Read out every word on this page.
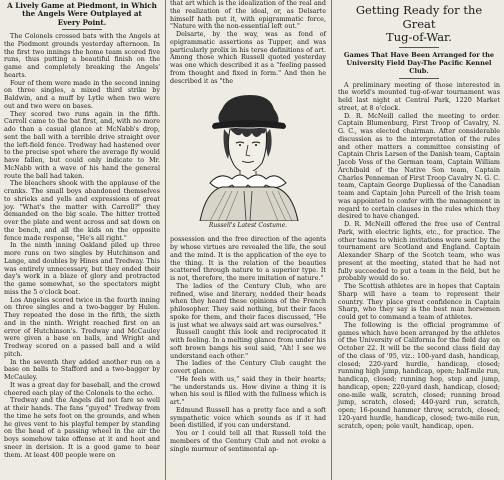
A Lively Game at Piedmont, in Which
the Angels Were Outplayed at
Every Point.

The Colonels crossed bats with the Angels at the Piedmont grounds yesterday afternoon. In the first two innings the home team scored five runs, thus putting a beautiful finish on the game and completely breaking the Angels' hearts.

Four of them were made in the second inning on three singles, a mixed third strike by Baldwin, and a muff by Lytle when two were out and two were on bases.

They scored two runs again in the fifth. Carroll came to the bat first, and, with no more ado than a casual glance at McNabb's drop, sent the ball with a terrible drive straight over the left-field fence. Tredway had hastened over to the precise spot where the average fly would have fallen, but could only indicate to Mr. McNabb with a wave of his hand the general route the ball had taken.

The bleachers shook with the applause of the cranks. The small boys abandoned themselves to shrieks and yells and expressions of great joy. "What's the matter with Carroll?" they demanded on the big scale. The hitter trotted over the plate and went across and sat down on the bench, and all the kids on the opposite fence made response, "He's all right."

In the ninth inning Oakland piled up three more runs on two singles by Hutchinson and Lange, and doubles by Hines and Tredway. This was entirely unnecessary, but they ended their day's work in a blaze of glory and protracted the game somewhat, so the spectators might miss the 5 o'clock boat.

Los Angeles scored twice in the fourth inning on three singles and a two-bagger by Hulen. They repeated the dose in the fifth, the sixth and in the ninth. Wright reached first on an error of Hutchinson's. Tredway and McCauley were given a base on balls, and Wright and Tredway scored on a passed ball and a wild pitch.

In the seventh they added another run on a base on balls to Stafford and a two-bagger by McCauley.

It was a great day for baseball, and the crowd cheered each play of the Colonels to the echo.

Tredway and the Angels did not fare so well at their hands. The fans "guyed" Tredway from the time he sets foot on the grounds, and when he gives vent to his playful temper by standing on the head of a passing wheel in the air the boys somehow take offense at it and hoot and sneer in derision. It is a good game to hear them. At least 400 people were on

that art which is the idealization of the real and the realization of the ideal, or, as Delsarte himself hath put it, with epigrammatic force, "Nature with the non-essential left out."

Delsarte, by the way, was as fond of epigrammatic assertions as Tupper, and was particularly prolix in his terse definitions of art. Among those which Russell quoted yesterday was one which described it as a "feeling passed from thought and fixed in form." And then he described it as "the

Russell's Latest Costume.

possession and the free direction of the agents by whose virtues are revealed the life, the soul and the mind. It is the application of the eye to the thing. It is the relation of the beauties scattered through nature to a superior type. It is not, therefore, the mere imitation of nature."

The ladies of the Century Club, who are refined, wise and literary, nodded their heads when they heard these opinions of the French philosopher. They said nothing, but their faces spoke for them, and their faces discussed, "He is just what we always said art was ourselves."

Russell caught this look and reciprocated it with feeling. In a melting glance from under his soft brown bangs his soul said, "Ah! I see we understand each other."

The ladies of the Century Club caught the covert glance.

"He feels with us," said they in their hearts; "he understands us. How divine a thing it is when his soul is filled with the fullness which is art."

Edmund Russell has a pretty face and a soft sympathetic voice which sounds as if it had been distilled, if you can understand.

You or I could tell all that Russell told the members of the Century Club and not evoke a single murmur of sentimental ap-

Getting Ready for the Great
Tug-of-War.
Games That Have Been Arranged for the
University Field Day-The Pacific Kennel Club.

A preliminary meeting of those interested in the world's mounted tug-of-war tournament was held last night at Central Park, 1220 Market street, at 8 o'clock.

D. R. McNeill called the meeting to order. Captain Blumenburg, First Troop of Cavalry, N. G. C., was elected chairman. After considerable discussion as to the interpretation of the rules and other matters a committee consisting of Captain Chris Larsen of the Danish team, Captain Jacob Voss of the German team, Captain William Archibald of the Native Son team, Captain Charles Penneman of First Troop Cavalry N. G. C. team, Captain George Dupliessa of the Canadian team and Captain John Purcell of the Irish team was appointed to confer with the management in regard to certain clauses in the rules which they desired to have changed.

D. R. McNeill offered the free use of Central Park, with electric lights, etc., for practice. The other teams to which invitations were sent by the tournament are Scotland and England. Captain Alexander Sharp of the Scotch team, who was present at the meeting, stated that he had not fully succeeded to put a team in the field, but he probably would do so.

The Scottish athletes are in hopes that Captain Sharp will have a team to represent their country. They place great confidence in Captain Sharp, who they say is the best man horsemen could get to command a team of athletes.

The following is the official programme of games which have been arranged by the athletes of the University of California for the field day on October 22. It will be the second class field day of the class of '95, viz.: 100-yard dash, handicap, closed; 220-yard hurdle, handicap, closed; running high jump, handicap, open; half-mile run, handicap, closed; running hop, step and jump, handicap, open; 220-yard dash, handicap, closed; one-mile walk, scratch, closed; running broad jump, scratch, closed; 440-yard run, scratch, open; 16-pound hammer throw, scratch, closed; 120-yard hurdle, handicap, closed; two-mile run, scratch, open; pole vault, handicap, open.
